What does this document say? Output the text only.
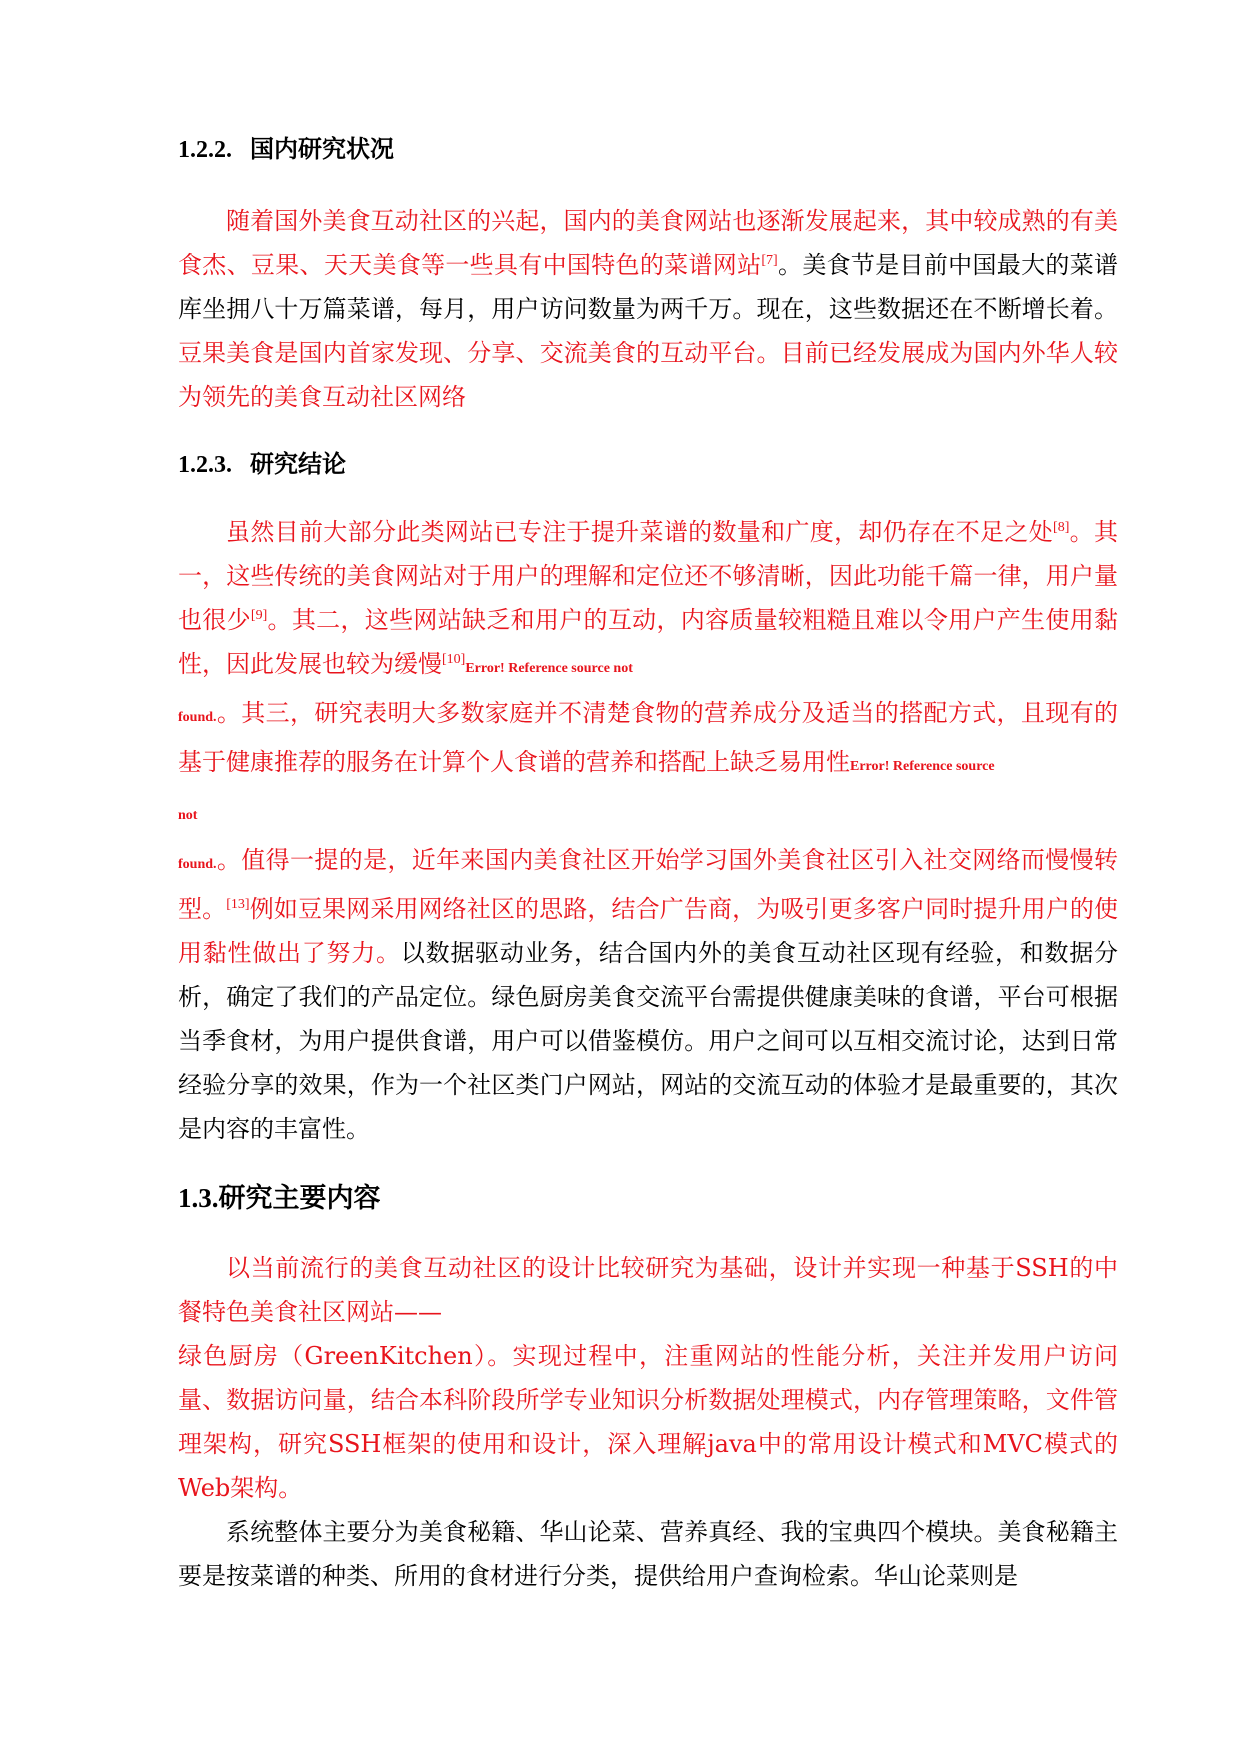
1.2.2. 国内研究状况

随着国外美食互动社区的兴起，国内的美食网站也逐渐发展起来，其中较成熟的有美食杰、豆果、天天美食等一些具有中国特色的菜谱网站[7]。美食节是目前中国最大的菜谱库坐拥八十万篇菜谱，每月，用户访问数量为两千万。现在，这些数据还在不断增长着。豆果美食是国内首家发现、分享、交流美食的互动平台。目前已经发展成为国内外华人较为领先的美食互动社区网络

1.2.3. 研究结论

虽然目前大部分此类网站已专注于提升菜谱的数量和广度，却仍存在不足之处[8]。其一，这些传统的美食网站对于用户的理解和定位还不够清晰，因此功能千篇一律，用户量也很少[9]。其二，这些网站缺乏和用户的互动，内容质量较粗糙且难以令用户产生使用黏性，因此发展也较为缓慢[10]Error! Reference source not
found.。其三，研究表明大多数家庭并不清楚食物的营养成分及适当的搭配方式，且现有的基于健康推荐的服务在计算个人食谱的营养和搭配上缺乏易用性Error! Reference source
not
found.。值得一提的是，近年来国内美食社区开始学习国外美食社区引入社交网络而慢慢转型。[13]例如豆果网采用网络社区的思路，结合广告商，为吸引更多客户同时提升用户的使用黏性做出了努力。以数据驱动业务，结合国内外的美食互动社区现有经验，和数据分析，确定了我们的产品定位。绿色厨房美食交流平台需提供健康美味的食谱，平台可根据当季食材，为用户提供食谱，用户可以借鉴模仿。用户之间可以互相交流讨论，达到日常经验分享的效果，作为一个社区类门户网站，网站的交流互动的体验才是最重要的，其次是内容的丰富性。

1.3.研究主要内容

以当前流行的美食互动社区的设计比较研究为基础，设计并实现一种基于SSH的中餐特色美食社区网站——
绿色厨房（GreenKitchen）。实现过程中，注重网站的性能分析，关注并发用户访问量、数据访问量，结合本科阶段所学专业知识分析数据处理模式，内存管理策略，文件管理架构，研究SSH框架的使用和设计，深入理解java中的常用设计模式和MVC模式的Web架构。

系统整体主要分为美食秘籍、华山论菜、营养真经、我的宝典四个模块。美食秘籍主要是按菜谱的种类、所用的食材进行分类，提供给用户查询检索。华山论菜则是
